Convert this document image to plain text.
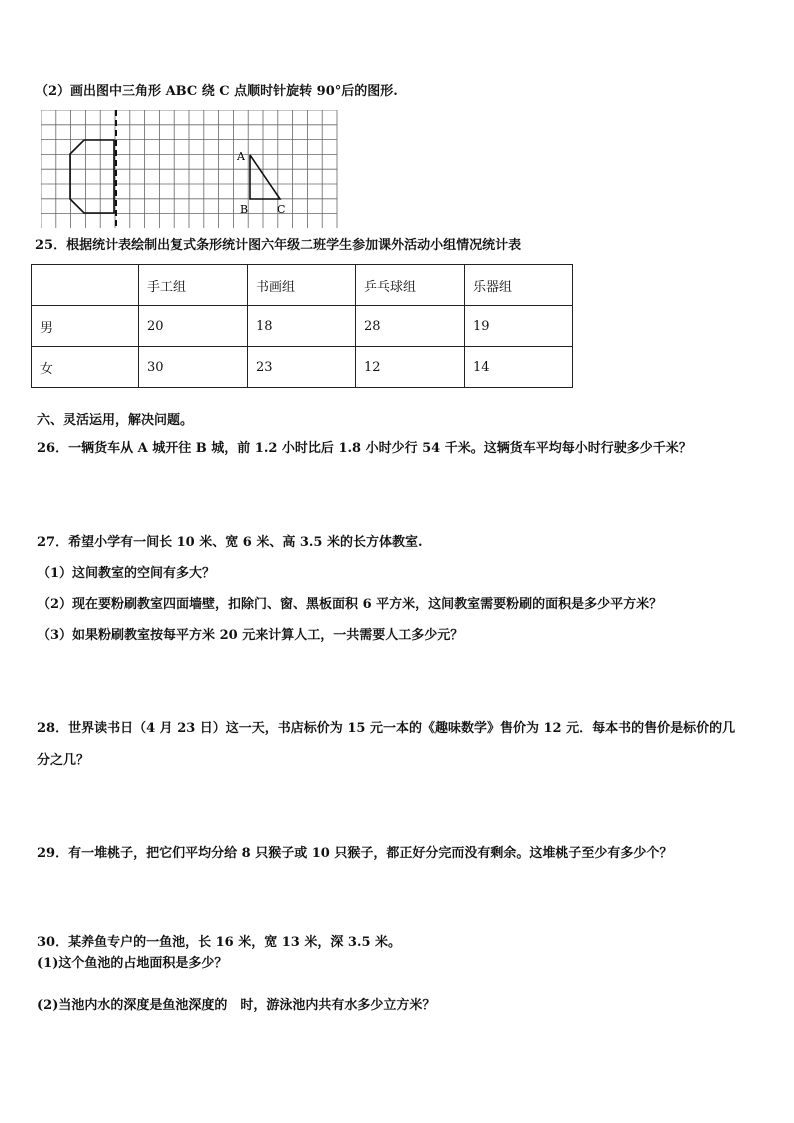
（2）画出图中三角形 ABC 绕 C 点顺时针旋转 90°后的图形.
A
B	C
25．根据统计表绘制出复式条形统计图六年级二班学生参加课外活动小组情况统计表
	手工组	书画组	乒乓球组	乐器组
男	20	18	28	19
女	30	23	12	14
六、灵活运用，解决问题。
26．一辆货车从 A 城开往 B 城，前 1.2 小时比后 1.8 小时少行 54 千米。这辆货车平均每小时行驶多少千米？
27．希望小学有一间长 10 米、宽 6 米、高 3.5 米的长方体教室.
（1）这间教室的空间有多大？
（2）现在要粉刷教室四面墙壁，扣除门、窗、黑板面积 6 平方米，这间教室需要粉刷的面积是多少平方米？
（3）如果粉刷教室按每平方米 20 元来计算人工，一共需要人工多少元？
28．世界读书日（4 月 23 日）这一天，书店标价为 15 元一本的《趣味数学》售价为 12 元．每本书的售价是标价的几
分之几？
29．有一堆桃子，把它们平均分给 8 只猴子或 10 只猴子，都正好分完而没有剩余。这堆桃子至少有多少个？
30．某养鱼专户的一鱼池，长 16 米，宽 13 米，深 3.5 米。
(1)这个鱼池的占地面积是多少？
(2)当池内水的深度是鱼池深度的　时，游泳池内共有水多少立方米？
